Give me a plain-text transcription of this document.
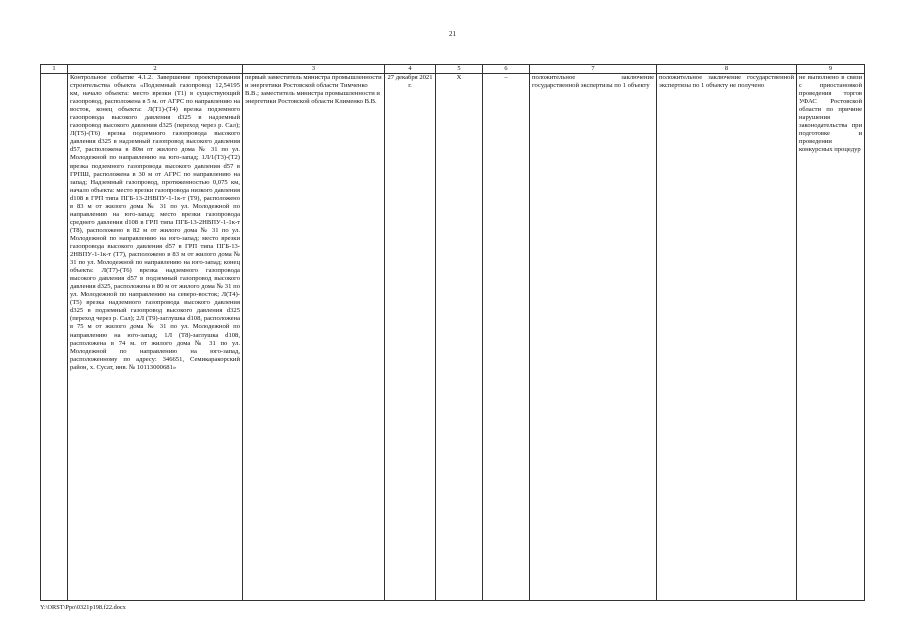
21
1	2	3	4	5	6	7	8	9
	Контрольное событие 4.1.2. Завершение проектирования строительства объекта «Подземный газопровод 12,54195 км, начало объекта: место врезки (Т1) в существующий газопровод, расположена в 5 м. от АГРС по направлению на восток, конец объекта: Л(Т1)-(Т4) врезка подземного газопровода высокого давления d325 в надземный газопровод высокого давления d325 (переход через р. Сал); Л(Т5)-(Т6) врезка подземного газопровода высокого давления d325 в надземный газопровод высокого давления d57, расположена в 80м от жилого дома № 31 по ул. Молодежной по направлению на юго-запад; 1Л/1(Т3)-(Т2) врезка подземного газопровода высокого давления d57 в ГРПШ, расположена в 30 м от АГРС по направлению на запад; Надземный газопровод, протяженностью 0,075 км, начало объекта: место врезки газопровода низкого давления d108 в ГРП типа ПГБ-13-2НВПУ-1-1к-т (Т9), расположено в 83 м от жилого дома № 31 по ул. Молодежной по направлению на юго-запад; место врезки газопровода среднего давления d108 в ГРП типа ПГБ-13-2НВПУ-1-1к-т (Т8), расположено в 82 м от жилого дома № 31 по ул. Молодежной по направлению на юго-запад; место врезки газопровода высокого давления d57 в ГРП типа ПГБ-13-2НВПУ-1-1к-т (Т7), расположено в 83 м от жилого дома № 31 по ул. Молодежной по направлению на юго-запад; конец объекта: Л(Т7)-(Т6) врезка надземного газопровода высокого давления d57 в подземный газопровод высокого давления d325, расположена в 80 м от жилого дома № 31 по ул. Молодежной по направлению на северо-восток; Л(Т4)-(Т5) врезка надземного газопровода высокого давления d325 в подземный газопровод высокого давления d325 (переход через р. Сал); 2Л (Т9)-заглушка d108, расположена в 75 м от жилого дома № 31 по ул. Молодежной по направлению на юго-запад; 1Л (Т8)-заглушка d108, расположена в 74 м. от жилого дома № 31 по ул. Молодежной по направлению на юго-запад, расположенному по адресу: 346651, Семикаракорский район, х. Сусат, инв. № 10113000681»	первый заместитель министра промышленности и энергетики Ростовской области Тимченко В.В.; заместитель министра промышленности и энергетики Ростовской области Клименко В.В.	27 декабря 2021 г.	Х	–	положительное заключение государственной экспертизы по 1 объекту	положительное заключение государственной экспертизы по 1 объекту не получено	не выполнено в связи с приостановкой проведения торгов УФАС Ростовской области по причине нарушения законодательства при подготовке и проведении конкурсных процедур
Y:\ORST\Ppo\0321p198.f22.docx
